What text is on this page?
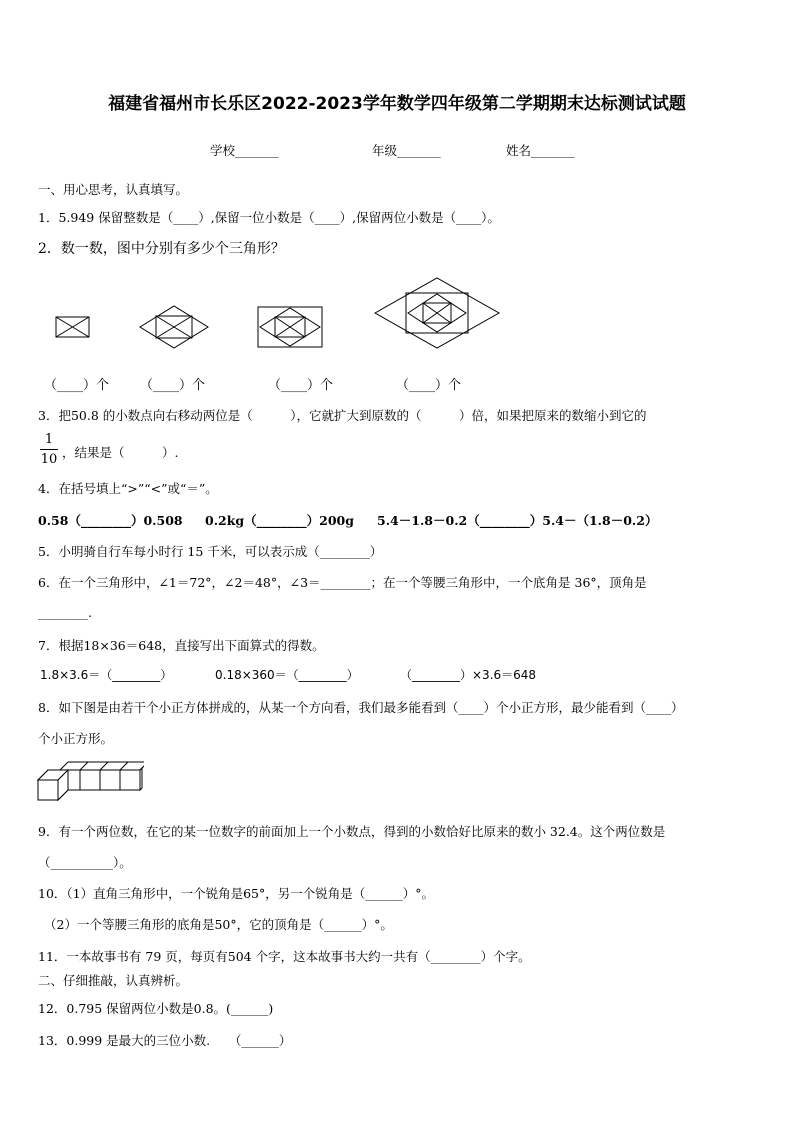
福建省福州市长乐区2022-2023学年数学四年级第二学期期末达标测试试题
学校_______	年级_______	姓名_______
一、用心思考，认真填写。
1．5.949 保留整数是（____）,保留一位小数是（____）,保留两位小数是（____）。
2．数一数，图中分别有多少个三角形？
（____）个 （____）个	（____）个	（____）个
3．把50.8 的小数点向右移动两位是（　　　），它就扩大到原数的（　　　）倍，如果把原来的数缩小到它的
1
10 ，结果是（　　　）.
4．在括号填上“>”“<”或“＝”。
0.58（________）0.508 0.2kg（________）200g 5.4－1.8－0.2（________）5.4－（1.8－0.2）
5．小明骑自行车每小时行 15 千米，可以表示成（________）
6．在一个三角形中，∠1＝72°，∠2＝48°，∠3＝________；在一个等腰三角形中，一个底角是 36°，顶角是
________.
7．根据18×36＝648，直接写出下面算式的得数。
1.8×3.6＝（________）	0.18×360＝（________）	（________）×3.6＝648
8．如下图是由若干个小正方体拼成的，从某一个方向看，我们最多能看到（____）个小正方形，最少能看到（____）
个小正方形。
9．有一个两位数，在它的某一位数字的前面加上一个小数点，得到的小数恰好比原来的数小 32.4。这个两位数是
（__________）。
10．（1）直角三角形中，一个锐角是65°，另一个锐角是（______）°。
（2）一个等腰三角形的底角是50°，它的顶角是（______）°。
11．一本故事书有 79 页，每页有504 个字，这本故事书大约一共有（________）个字。
二、仔细推敲，认真辨析。
12．0.795 保留两位小数是0.8。(______)
13．0.999 是最大的三位小数.　　（______）
